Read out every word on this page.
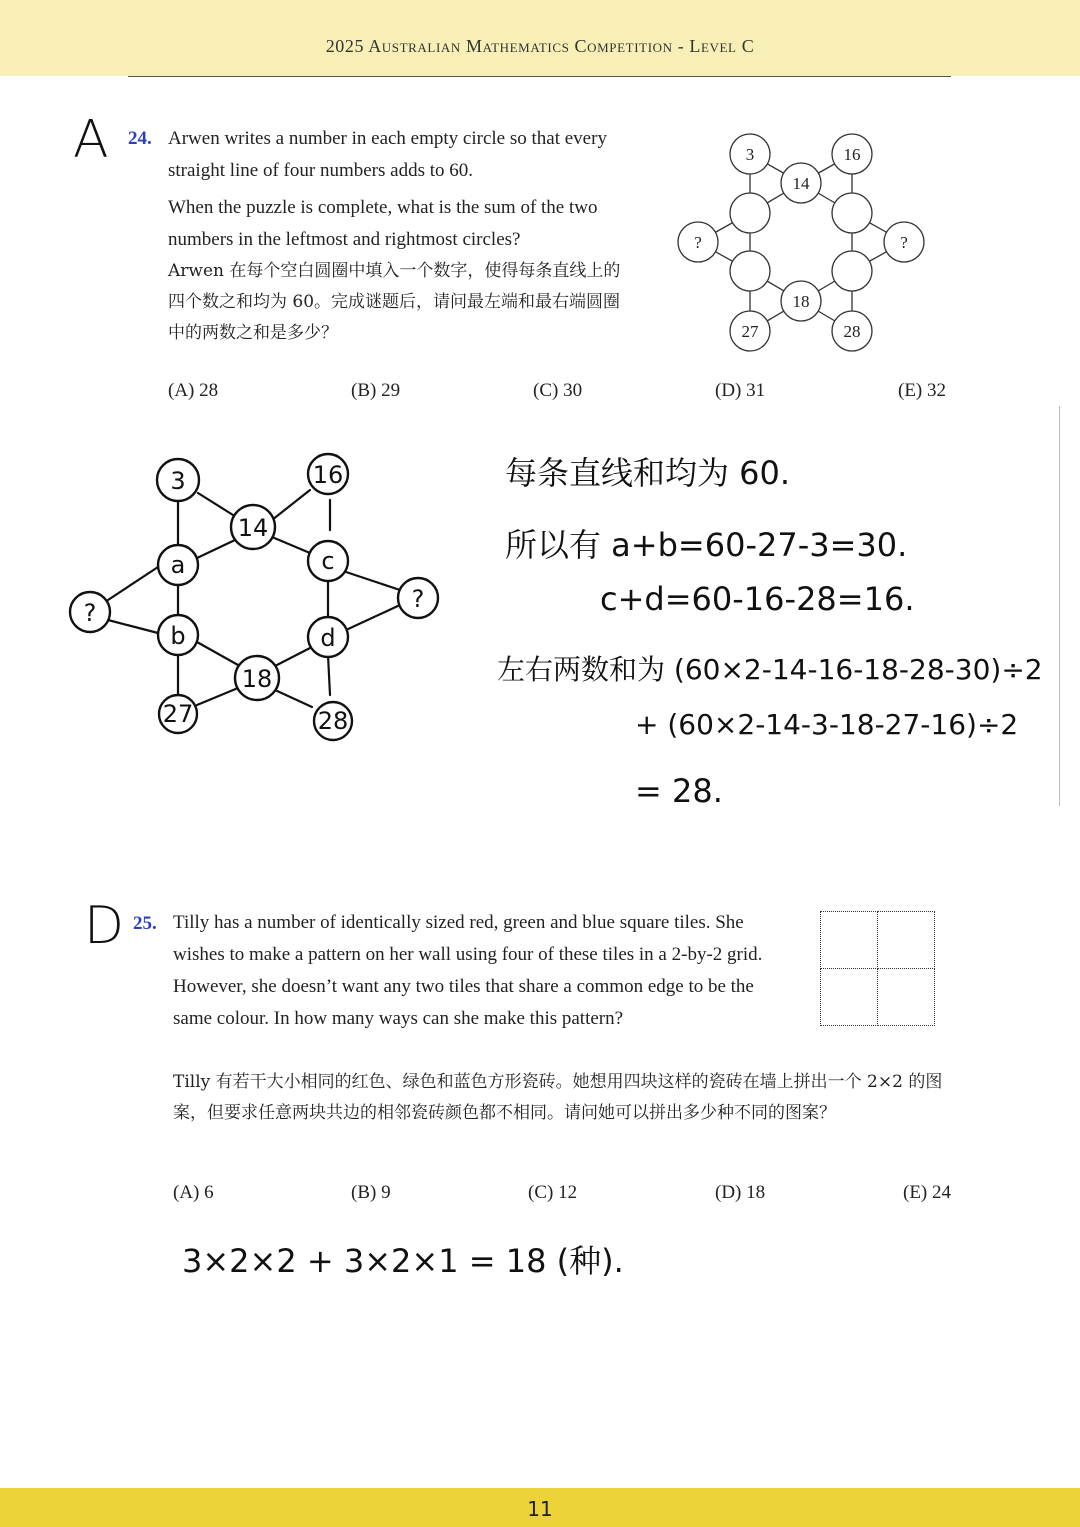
2025 Australian Mathematics Competition - Level C
A 24. Arwen writes a number in each empty circle so that every straight line of four numbers adds to 60.

When the puzzle is complete, what is the sum of the two numbers in the leftmost and rightmost circles?

Arwen 在每个空白圆圈中填入一个数字，使得每条直线上的四个数之和均为 60。完成谜题后，请问最左端和最右端圆圈中的两数之和是多少？

3	16
14
?	?
18
27	28
(A) 28	(B) 29	(C) 30	(D) 31	(E) 32
3	16
14
a	c
?	?
b	d
18
27	28
每条直线和均为 60.
所以有 a+b=60-27-3=30.
c+d=60-16-28=16.
左右两数和为 (60×2-14-16-18-28-30)÷2
+ (60×2-14-3-18-27-16)÷2
= 28.
D 25. Tilly has a number of identically sized red, green and blue square tiles. She wishes to make a pattern on her wall using four of these tiles in a 2-by-2 grid. However, she doesn’t want any two tiles that share a common edge to be the same colour. In how many ways can she make this pattern?

Tilly 有若干大小相同的红色、绿色和蓝色方形瓷砖。她想用四块这样的瓷砖在墙上拼出一个 2×2 的图案，但要求任意两块共边的相邻瓷砖颜色都不相同。请问她可以拼出多少种不同的图案？

(A) 6	(B) 9	(C) 12	(D) 18	(E) 24
3×2×2 + 3×2×1 = 18 (种).
11
